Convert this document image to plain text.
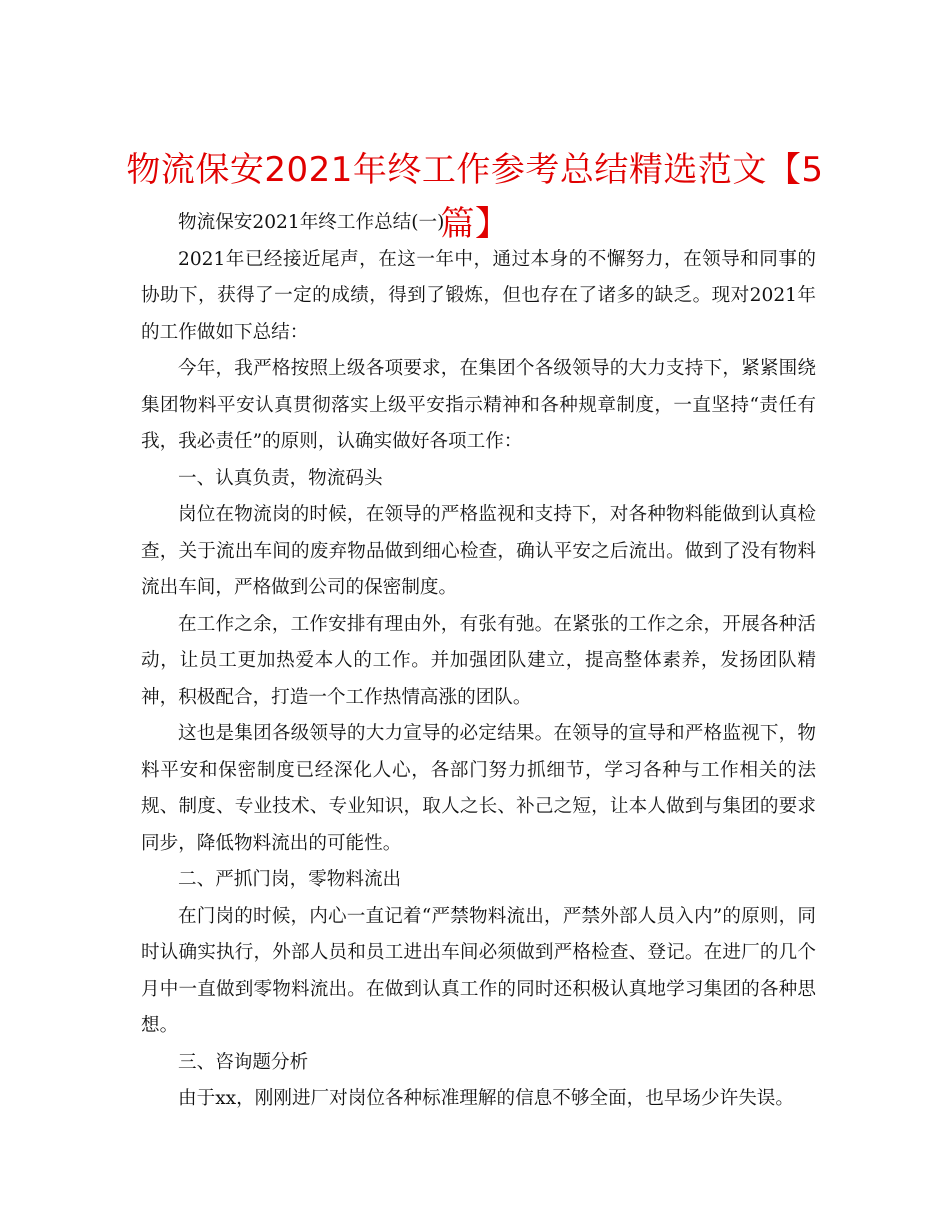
物流保安2021年终工作参考总结精选范文【5篇】

物流保安2021年终工作总结(一)

2021年已经接近尾声，在这一年中，通过本身的不懈努力，在领导和同事的协助下，获得了一定的成绩，得到了锻炼，但也存在了诸多的缺乏。现对2021年的工作做如下总结：

今年，我严格按照上级各项要求，在集团个各级领导的大力支持下，紧紧围绕集团物料平安认真贯彻落实上级平安指示精神和各种规章制度，一直坚持“责任有我，我必责任”的原则，认确实做好各项工作：

一、认真负责，物流码头

岗位在物流岗的时候，在领导的严格监视和支持下，对各种物料能做到认真检查，关于流出车间的废弃物品做到细心检查，确认平安之后流出。做到了没有物料流出车间，严格做到公司的保密制度。

在工作之余，工作安排有理由外，有张有弛。在紧张的工作之余，开展各种活动，让员工更加热爱本人的工作。并加强团队建立，提高整体素养，发扬团队精神，积极配合，打造一个工作热情高涨的团队。

这也是集团各级领导的大力宣导的必定结果。在领导的宣导和严格监视下，物料平安和保密制度已经深化人心，各部门努力抓细节，学习各种与工作相关的法规、制度、专业技术、专业知识，取人之长、补己之短，让本人做到与集团的要求同步，降低物料流出的可能性。

二、严抓门岗，零物料流出

在门岗的时候，内心一直记着“严禁物料流出，严禁外部人员入内”的原则，同时认确实执行，外部人员和员工进出车间必须做到严格检查、登记。在进厂的几个月中一直做到零物料流出。在做到认真工作的同时还积极认真地学习集团的各种思想。

三、咨询题分析

由于xx，刚刚进厂对岗位各种标准理解的信息不够全面，也早场少许失误。
